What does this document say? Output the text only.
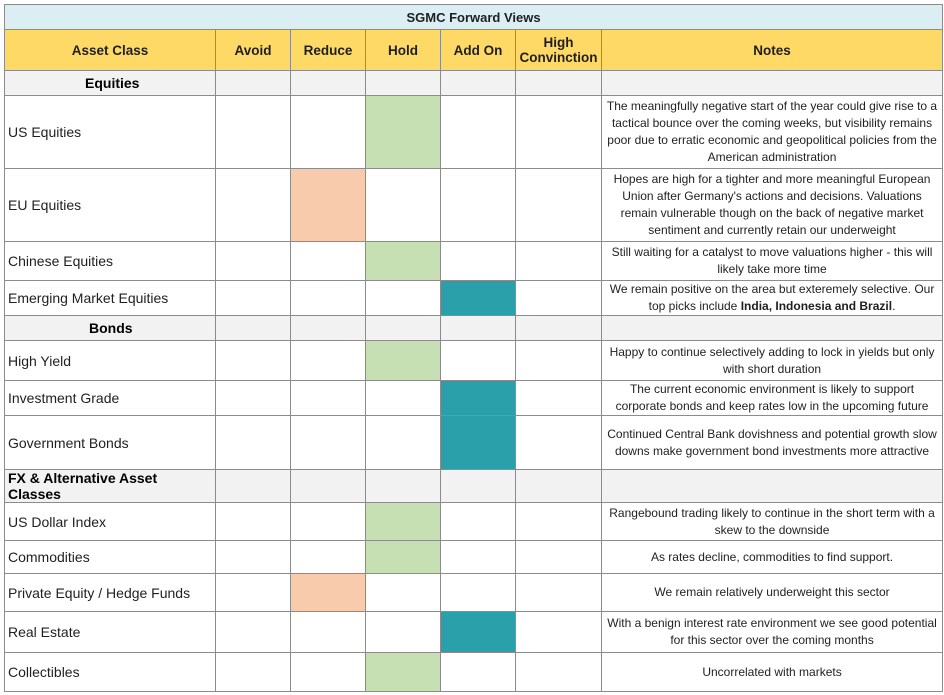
SGMC Forward Views						
Asset Class	Avoid	Reduce	Hold	Add On	High Convinction	Notes
Equities						
US Equities						The meaningfully negative start of the year could give rise to a tactical bounce over the coming weeks, but visibility remains poor due to erratic economic and geopolitical policies from the American administration
EU Equities						Hopes are high for a tighter and more meaningful European Union after Germany's actions and decisions. Valuations remain vulnerable though on the back of negative market sentiment and currently retain our underweight
Chinese Equities						Still waiting for a catalyst to move valuations higher - this will likely take more time
Emerging Market Equities						We remain positive on the area but exteremely selective. Our top picks include India, Indonesia and Brazil.
Bonds						
High Yield						Happy to continue selectively adding to lock in yields but only with short duration
Investment Grade						The current economic environment is likely to support corporate bonds and keep rates low in the upcoming future
Government Bonds						Continued Central Bank dovishness and potential growth slow downs make government bond investments more attractive
FX & Alternative Asset Classes						
US Dollar Index						Rangebound trading likely to continue in the short term with a skew to the downside
Commodities						As rates decline, commodities to find support.
Private Equity / Hedge Funds						We remain relatively underweight this sector
Real Estate						With a benign interest rate environment we see good potential for this sector over the coming months
Collectibles						Uncorrelated with markets
